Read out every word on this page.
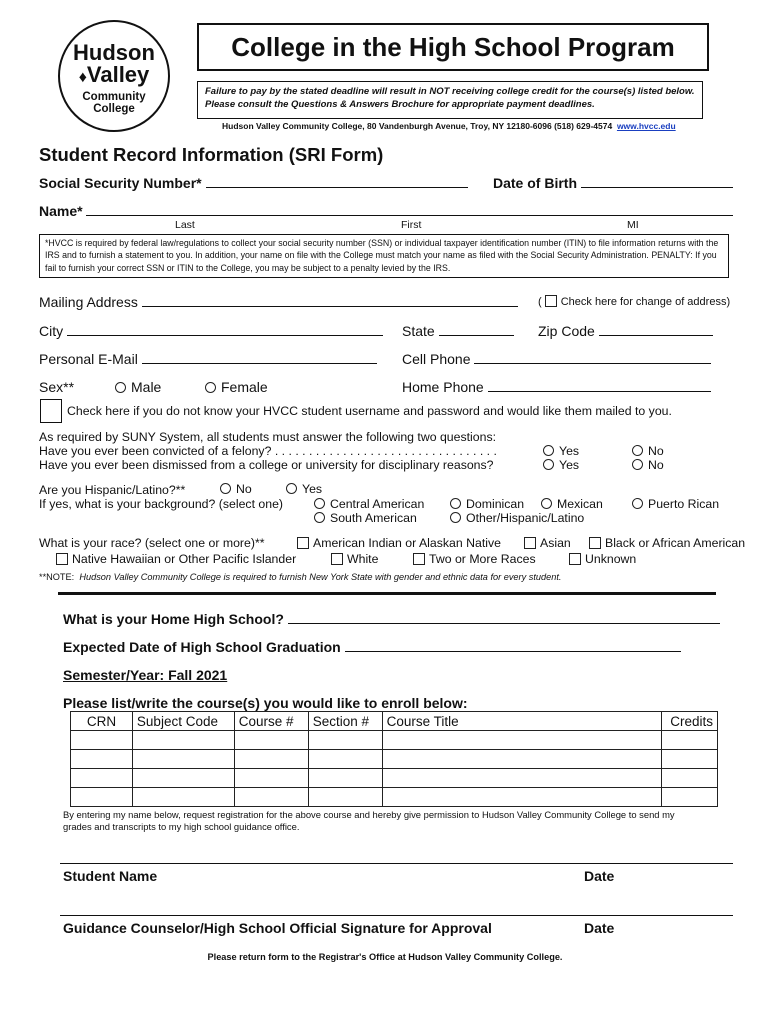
Hudson
♦Valley
Community
College
College in the High School Program
Failure to pay by the stated deadline will result in NOT receiving college credit for the course(s) listed below. Please consult the Questions & Answers Brochure for appropriate payment deadlines.
Hudson Valley Community College, 80 Vandenburgh Avenue, Troy, NY 12180-6096 (518) 629-4574 www.hvcc.edu
Student Record Information (SRI Form)
Social Security Number*	Date of Birth
Name*
Last	First	MI
*HVCC is required by federal law/regulations to collect your social security number (SSN) or individual taxpayer identification number (ITIN) to file information returns with the IRS and to furnish a statement to you. In addition, your name on file with the College must match your name as filed with the Social Security Administration. PENALTY: If you fail to furnish your correct SSN or ITIN to the College, you may be subject to a penalty levied by the IRS.
Mailing Address	( Check here for change of address)
City	State	Zip Code
Personal E-Mail	Cell Phone
Sex**	Male	Female	Home Phone
Check here if you do not know your HVCC student username and password and would like them mailed to you.
As required by SUNY System, all students must answer the following two questions:
Have you ever been convicted of a felony? . . . . . . . . . . . . . . . . . . . . . . . . . . . . . . . . .
Have you ever been dismissed from a college or university for disciplinary reasons?
Yes	No
Yes	No
Are you Hispanic/Latino?**	No	Yes
If yes, what is your background? (select one)	Central American	Dominican	Mexican	Puerto Rican
South American	Other/Hispanic/Latino
What is your race? (select one or more)**	American Indian or Alaskan Native	Asian	Black or African American
Native Hawaiian or Other Pacific Islander	White	Two or More Races	Unknown
**NOTE: Hudson Valley Community College is required to furnish New York State with gender and ethnic data for every student.
What is your Home High School?
Expected Date of High School Graduation
Semester/Year: Fall 2021
Please list/write the course(s) you would like to enroll below:
CRN	Subject Code	Course #	Section #	Course Title	Credits

By entering my name below, request registration for the above course and hereby give permission to Hudson Valley Community College to send my grades and transcripts to my high school guidance office.
Student Name	Date
Guidance Counselor/High School Official Signature for Approval	Date
Please return form to the Registrar's Office at Hudson Valley Community College.
